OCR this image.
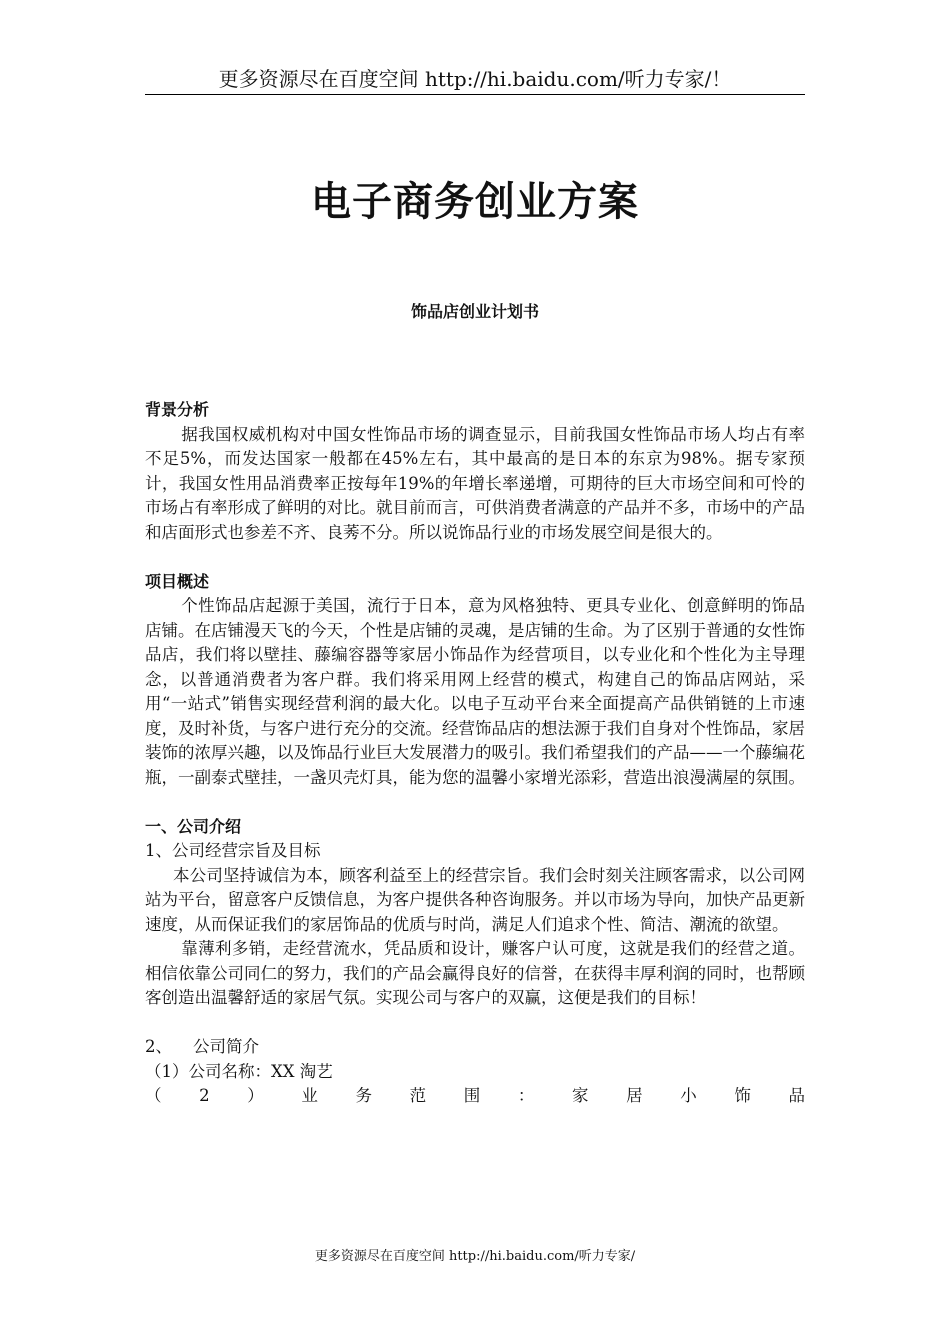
更多资源尽在百度空间 http://hi.baidu.com/听力专家/！
电子商务创业方案
饰品店创业计划书

背景分析

据我国权威机构对中国女性饰品市场的调查显示，目前我国女性饰品市场人均占有率不足5%，而发达国家一般都在45%左右，其中最高的是日本的东京为98%。据专家预计，我国女性用品消费率正按每年19%的年增长率递增，可期待的巨大市场空间和可怜的市场占有率形成了鲜明的对比。就目前而言，可供消费者满意的产品并不多，市场中的产品和店面形式也参差不齐、良莠不分。所以说饰品行业的市场发展空间是很大的。

项目概述

个性饰品店起源于美国，流行于日本，意为风格独特、更具专业化、创意鲜明的饰品店铺。在店铺漫天飞的今天，个性是店铺的灵魂，是店铺的生命。为了区别于普通的女性饰品店，我们将以壁挂、藤编容器等家居小饰品作为经营项目，以专业化和个性化为主导理念，以普通消费者为客户群。我们将采用网上经营的模式，构建自己的饰品店网站，采用“一站式”销售实现经营利润的最大化。以电子互动平台来全面提高产品供销链的上市速度，及时补货，与客户进行充分的交流。经营饰品店的想法源于我们自身对个性饰品，家居装饰的浓厚兴趣，以及饰品行业巨大发展潜力的吸引。我们希望我们的产品——一个藤编花瓶，一副泰式壁挂，一盏贝壳灯具，能为您的温馨小家增光添彩，营造出浪漫满屋的氛围。

一、公司介绍

1、公司经营宗旨及目标

本公司坚持诚信为本，顾客利益至上的经营宗旨。我们会时刻关注顾客需求，以公司网站为平台，留意客户反馈信息，为客户提供各种咨询服务。并以市场为导向，加快产品更新速度，从而保证我们的家居饰品的优质与时尚，满足人们追求个性、简洁、潮流的欲望。

靠薄利多销，走经营流水，凭品质和设计，赚客户认可度，这就是我们的经营之道。相信依靠公司同仁的努力，我们的产品会赢得良好的信誉，在获得丰厚利润的同时，也帮顾客创造出温馨舒适的家居气氛。实现公司与客户的双赢，这便是我们的目标！

2、    公司简介

（1）公司名称：XX 淘艺

（ 2 ） 业 务 范 围 ： 家 居 小 饰 品
更多资源尽在百度空间 http://hi.baidu.com/听力专家/
